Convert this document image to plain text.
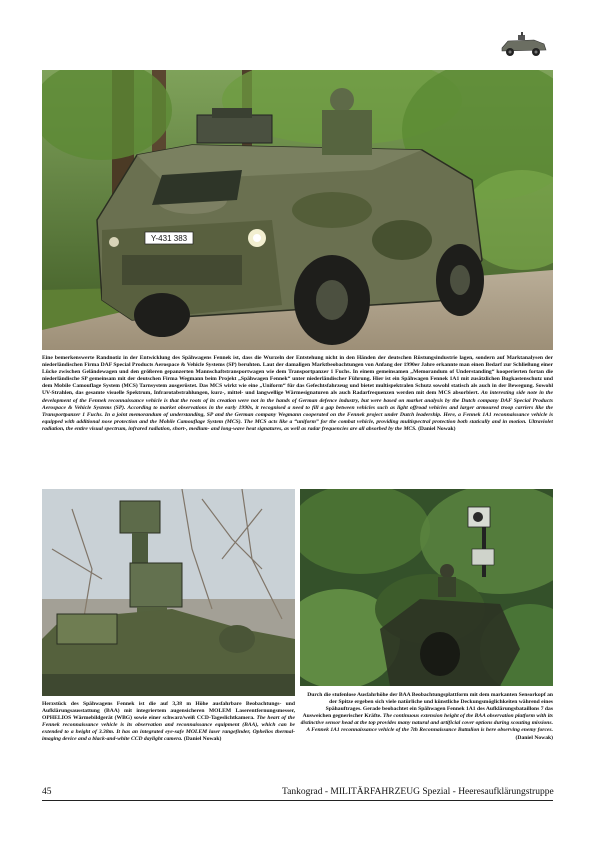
Y-431 383
Eine bemerkenswerte Randnotiz in der Entwicklung des Spähwagens Fennek ist, dass die Wurzeln der Entstehung nicht in den Händen der deutschen Rüstungsindustrie lagen, sondern auf Marktanalysen der niederländischen Firma DAF Special Products Aerospace & Vehicle Systems (SP) beruhten. Laut der damaligen Marktbeobachtungen von Anfang der 1990er Jahre erkannte man einen Bedarf zur Schließung einer Lücke zwischen Geländewagen und den größeren gepanzerten Mannschaftstransportwagen wie dem Transportpanzer 1 Fuchs. In einem gemeinsamen „Memorandum of Understanding“ kooperierten fortan die niederländische SP gemeinsam mit der deutschen Firma Wegmann beim Projekt „Spähwagen Fennek“ unter niederländischer Führung. Hier ist ein Spähwagen Fennek 1A1 mit zusätzlichen Bugkastenschutz und dem Mobile Camouflage System (MCS) Tarnsystem ausgerüstet. Das MCS wirkt wie eine „Uniform“ für das Gefechtsfahrzeug und bietet multispektralen Schutz sowohl statisch als auch in der Bewegung. Sowohl UV-Strahlen, das gesamte visuelle Spektrum, Infrarotabstrahlungen, kurz-, mittel- und langwellige Wärmesignaturen als auch Radarfrequenzen werden mit dem MCS absorbiert. An interesting side note in the development of the Fennek reconnaissance vehicle is that the roots of its creation were not in the hands of German defence industry, but were based on market analysis by the Dutch company DAF Special Products Aerospace & Vehicle Systems (SP). According to market observations in the early 1990s, it recognised a need to fill a gap between vehicles such as light offroad vehicles and larger armoured troop carriers like the Transportpanzer 1 Fuchs. In a joint memorandum of understanding, SP and the German company Wegmann cooperated on the Fennek project under Dutch leadership. Here, a Fennek 1A1 reconnaissance vehicle is equipped with additional nose protection and the Mobile Camouflage System (MCS). The MCS acts like a “uniform” for the combat vehicle, providing multispectral protection both statically and in motion. Ultraviolet radiation, the entire visual spectrum, infrared radiation, short-, medium- and long-wave heat signatures, as well as radar frequencies are all absorbed by the MCS. (Daniel Nowak)
Herzstück des Spähwagens Fennek ist die auf 3,38 m Höhe ausfahrbare Beobachtungs- und Aufklärungsausstattung (BAA) mit integriertem augensicheren MOLEM Laserentfernungsmesser, OPHELIOS Wärmebildgerät (WBG) sowie einer schwarz/weiß CCD-Tageslichtkamera. The heart of the Fennek reconnaissance vehicle is its observation and reconnaissance equipment (BAA), which can be extended to a height of 3.38m. It has an integrated eye-safe MOLEM laser rangefinder, Ophelios thermal-imaging device and a black-and-white CCD daylight camera. (Daniel Nowak)
Durch die stufenlose Ausfahrhöhe der BAA Beobachtungsplattform mit dem markanten Sensorkopf an der Spitze ergeben sich viele natürliche und künstliche Deckungsmöglichkeiten während eines Spähauftrages. Gerade beobachtet ein Spähwagen Fennek 1A1 des Aufklärungsbataillons 7 das Ausweichen gegnerischer Kräfte. The continuous extension height of the BAA observation platform with its distinctive sensor head at the top provides many natural and artificial cover options during scouting missions. A Fennek 1A1 reconnaissance vehicle of the 7th Reconnaissance Battalion is here observing enemy forces. (Daniel Nowak)
45	Tankograd - MILITÄRFAHRZEUG Spezial - Heeresaufklärungstruppe
